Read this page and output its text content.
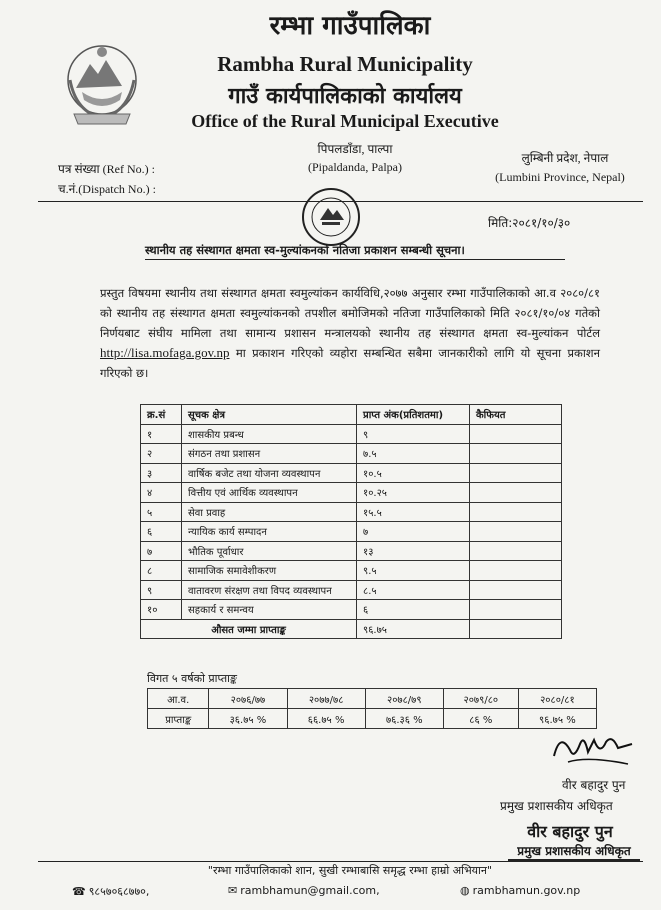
रम्भा गाउँपालिका
Rambha Rural Municipality
गाउँ कार्यपालिकाको कार्यालय
Office of the Rural Municipal Executive
पिपलडाँडा, पाल्पा
(Pipaldanda, Palpa)
पत्र संख्या (Ref No.) :
च.नं.(Dispatch No.) :
लुम्बिनी प्रदेश, नेपाल
(Lumbini Province, Nepal)
मिति:२०८१/१०/३०
स्थानीय तह संस्थागत क्षमता स्व-मुल्यांकनको नतिजा प्रकाशन सम्बन्धी सूचना।
प्रस्तुत विषयमा स्थानीय तथा संस्थागत क्षमता स्वमुल्यांकन कार्यविधि,२०७७ अनुसार रम्भा गाउँपालिकाको आ.व २०८०/८१ को स्थानीय तह संस्थागत क्षमता स्वमुल्यांकनको तपशील बमोजिमको नतिजा गाउँपालिकाको मिति २०८१/१०/०४ गतेको निर्णयबाट संघीय मामिला तथा सामान्य प्रशासन मन्त्रालयको स्थानीय तह संस्थागत क्षमता स्व-मुल्यांकन पोर्टल http://lisa.mofaga.gov.np मा प्रकाशन गरिएको व्यहोरा सम्बन्धित सबैमा जानकारीको लागि यो सूचना प्रकाशन गरिएको छ।
क्र.सं	सूचक क्षेत्र	प्राप्त अंक(प्रतिशतमा)	कैफियत
१	शासकीय प्रबन्ध	९	
२	संगठन तथा प्रशासन	७.५	
३	वार्षिक बजेट तथा योजना व्यवस्थापन	१०.५	
४	वित्तीय एवं आर्थिक व्यवस्थापन	१०.२५	
५	सेवा प्रवाह	१५.५	
६	न्यायिक कार्य सम्पादन	७	
७	भौतिक पूर्वाधार	१३	
८	सामाजिक समावेशीकरण	९.५	
९	वातावरण संरक्षण तथा विपद व्यवस्थापन	८.५	
१०	सहकार्य र समन्वय	६	
औसत जम्मा प्राप्ताङ्क		९६.७५	
विगत ५ वर्षको प्राप्ताङ्क
आ.व.	२०७६/७७	२०७७/७८	२०७८/७९	२०७९/८०	२०८०/८१
प्राप्ताङ्क	३६.७५ %	६६.७५ %	७६.३६ %	८६ %	९६.७५ %
वीर बहादुर पुन
प्रमुख प्रशासकीय अधिकृत
वीर बहादुर पुन
प्रमुख प्रशासकीय अधिकृत
"रम्भा गाउँपालिकाको शान, सुखी रम्भाबासि समृद्ध रम्भा हाम्रो अभियान"
☎ ९८५७०६८७७०,	✉ rambhamun@gmail.com,	◍ rambhamun.gov.np
